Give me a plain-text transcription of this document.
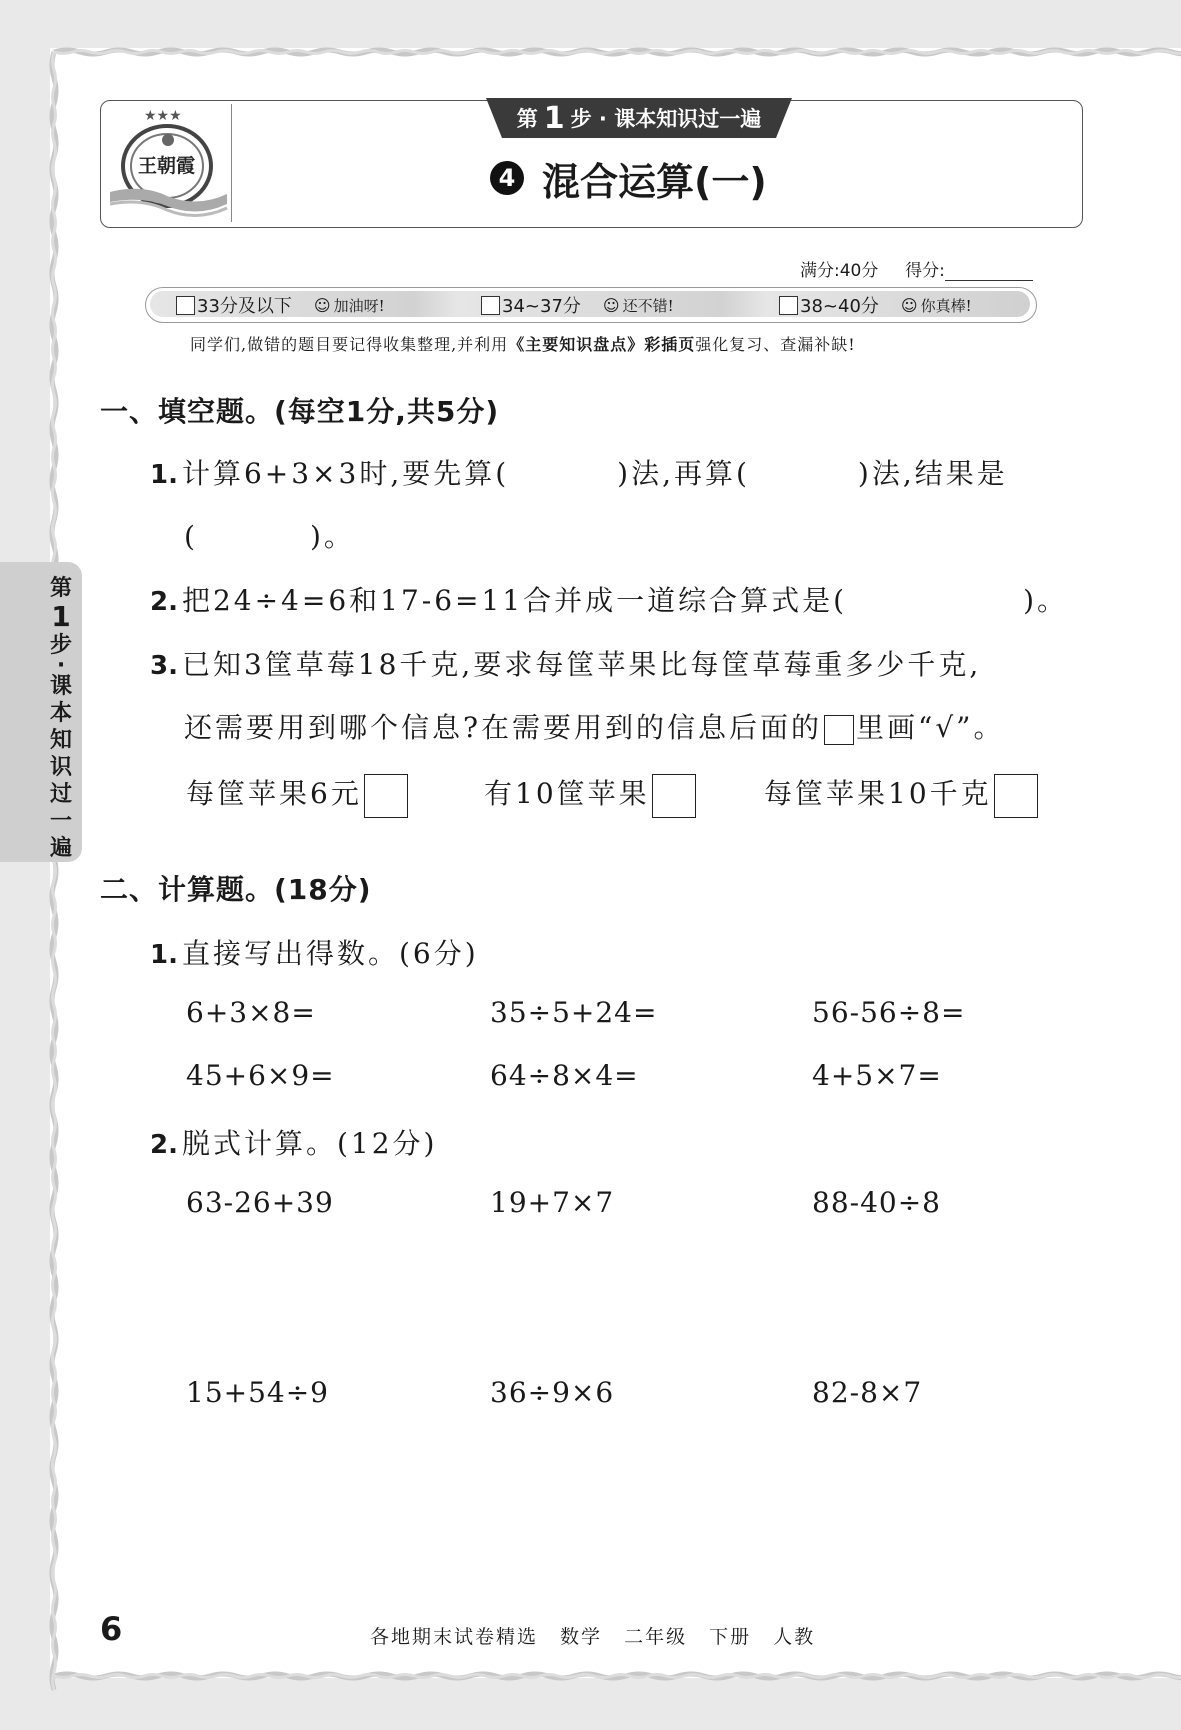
★★★
王朝霞
第 1 步 · 课本知识过一遍
4 混合运算(一)
满分:40分 得分:
33分及以下 ☺ 加油呀!	34~37分 ☺ 还不错!	38~40分 ☺ 你真棒!
同学们,做错的题目要记得收集整理,并利用《主要知识盘点》彩插页强化复习、查漏补缺!
第
1
步
·
课
本
知
识
过
一
遍
一、填空题。(每空1分,共5分)
1. 计算6+3×3时,要先算(	)法,再算(	)法,结果是
(	)。
2. 把24÷4=6和17-6=11合并成一道综合算式是(	)。
3. 已知3筐草莓18千克,要求每筐苹果比每筐草莓重多少千克,
还需要用到哪个信息?在需要用到的信息后面的 里画“√”。
每筐苹果6元	有10筐苹果	每筐苹果10千克
二、计算题。(18分)
1. 直接写出得数。(6分)
6+3×8=	35÷5+24=	56-56÷8=
45+6×9=	64÷8×4=	4+5×7=
2. 脱式计算。(12分)
63-26+39	19+7×7	88-40÷8
15+54÷9	36÷9×6	82-8×7
6	各地期末试卷精选 数学 二年级 下册 人教
